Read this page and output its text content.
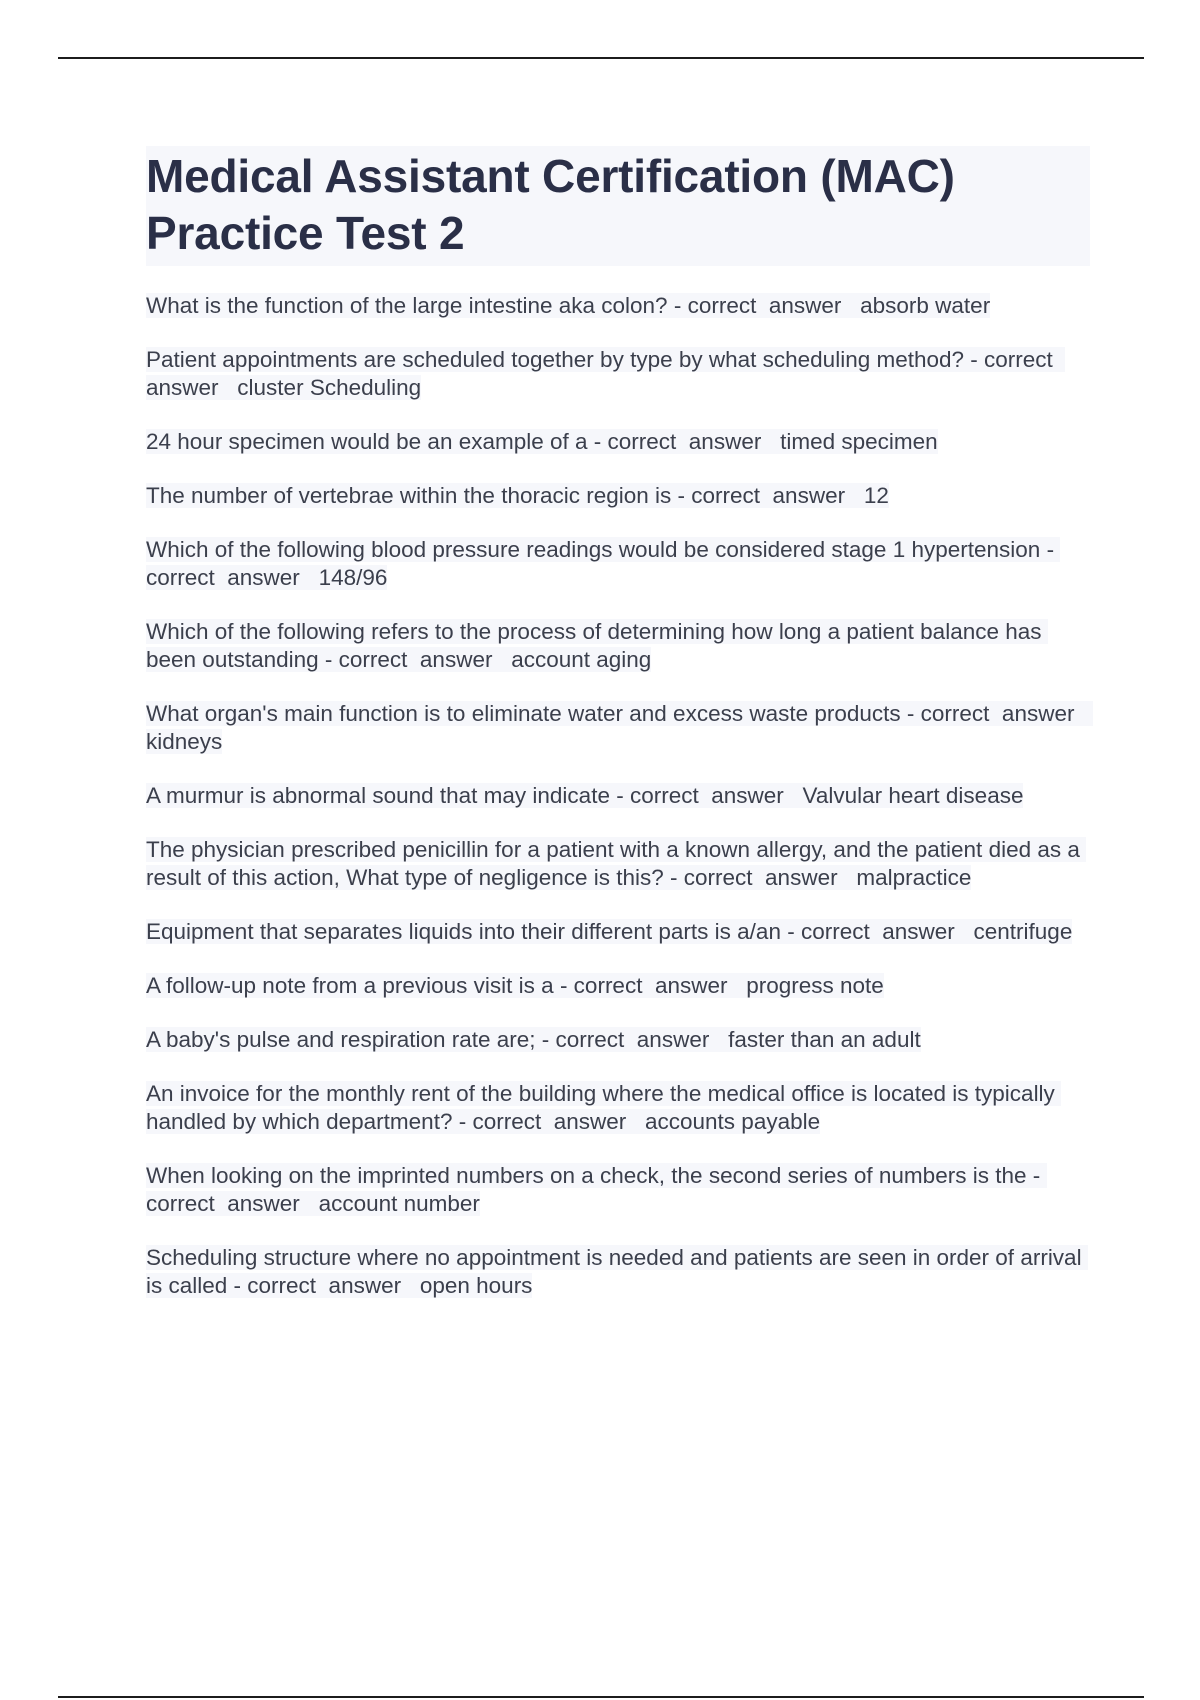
Medical Assistant Certification (MAC) Practice Test 2
What is the function of the large intestine aka colon? - correct  answer   absorb water
Patient appointments are scheduled together by type by what scheduling method? - correct  answer   cluster Scheduling
24 hour specimen would be an example of a - correct  answer   timed specimen
The number of vertebrae within the thoracic region is - correct  answer   12
Which of the following blood pressure readings would be considered stage 1 hypertension - correct  answer   148/96
Which of the following refers to the process of determining how long a patient balance has been outstanding - correct  answer   account aging
What organ's main function is to eliminate water and excess waste products - correct  answer   kidneys
A murmur is abnormal sound that may indicate - correct  answer   Valvular heart disease
The physician prescribed penicillin for a patient with a known allergy, and the patient died as a result of this action, What type of negligence is this? - correct  answer   malpractice
Equipment that separates liquids into their different parts is a/an - correct  answer   centrifuge
A follow-up note from a previous visit is a - correct  answer   progress note
A baby's pulse and respiration rate are; - correct  answer   faster than an adult
An invoice for the monthly rent of the building where the medical office is located is typically handled by which department? - correct  answer   accounts payable
When looking on the imprinted numbers on a check, the second series of numbers is the - correct  answer   account number
Scheduling structure where no appointment is needed and patients are seen in order of arrival is called - correct  answer   open hours
